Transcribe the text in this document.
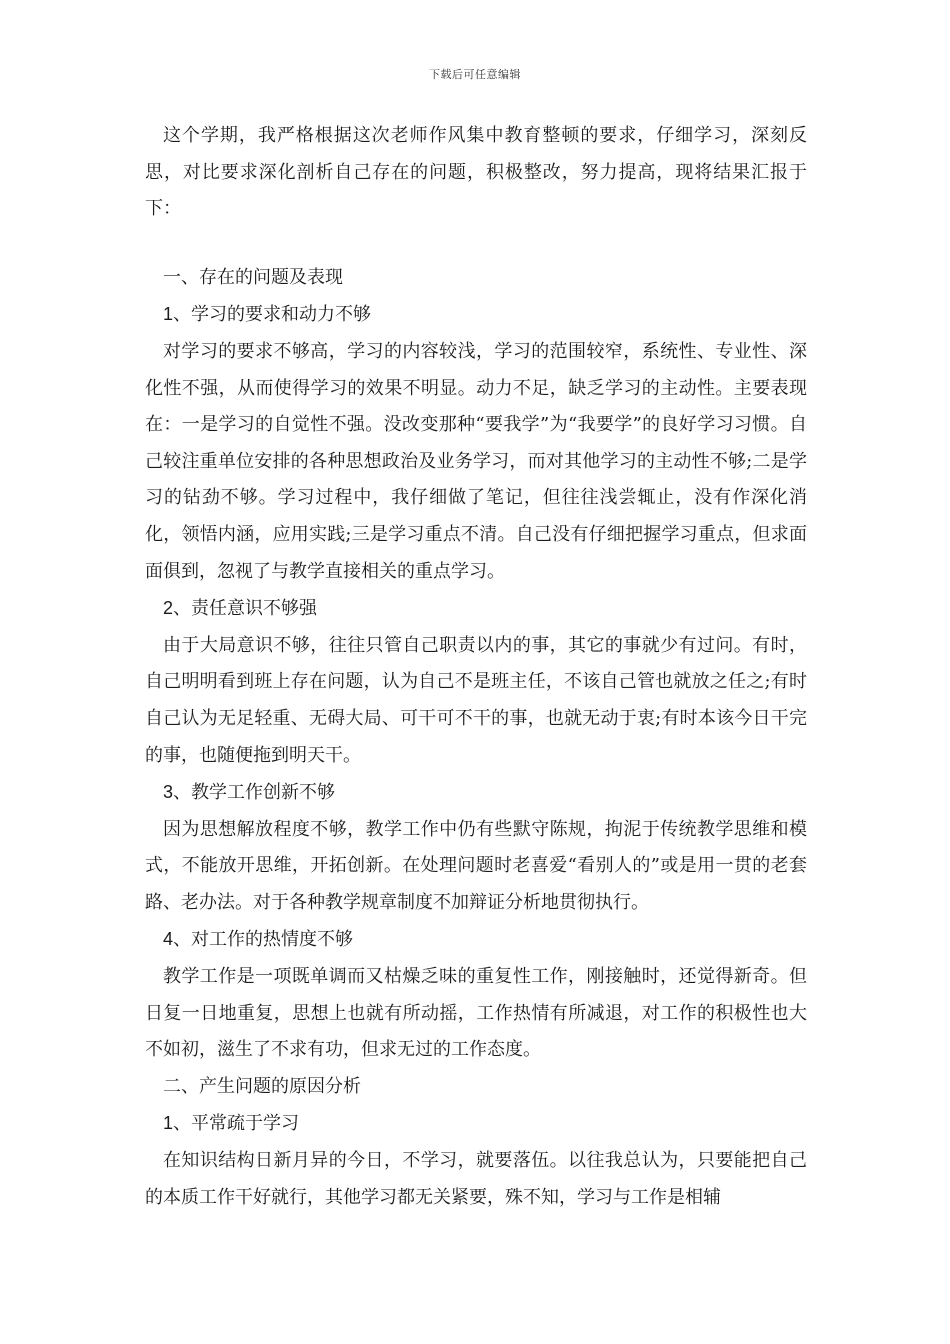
下载后可任意编辑

这个学期，我严格根据这次老师作风集中教育整顿的要求，仔细学习，深刻反思，对比要求深化剖析自己存在的问题，积极整改，努力提高，现将结果汇报于下：

一、存在的问题及表现

1、学习的要求和动力不够

对学习的要求不够高，学习的内容较浅，学习的范围较窄，系统性、专业性、深化性不强，从而使得学习的效果不明显。动力不足，缺乏学习的主动性。主要表现在：一是学习的自觉性不强。没改变那种“要我学”为“我要学”的良好学习习惯。自己较注重单位安排的各种思想政治及业务学习，而对其他学习的主动性不够;二是学习的钻劲不够。学习过程中，我仔细做了笔记，但往往浅尝辄止，没有作深化消化，领悟内涵，应用实践;三是学习重点不清。自己没有仔细把握学习重点，但求面面俱到，忽视了与教学直接相关的重点学习。

2、责任意识不够强

由于大局意识不够，往往只管自己职责以内的事，其它的事就少有过问。有时，自己明明看到班上存在问题，认为自己不是班主任，不该自己管也就放之任之;有时自己认为无足轻重、无碍大局、可干可不干的事，也就无动于衷;有时本该今日干完的事，也随便拖到明天干。

3、教学工作创新不够

因为思想解放程度不够，教学工作中仍有些默守陈规，拘泥于传统教学思维和模式，不能放开思维，开拓创新。在处理问题时老喜爱“看别人的”或是用一贯的老套路、老办法。对于各种教学规章制度不加辩证分析地贯彻执行。

4、对工作的热情度不够

教学工作是一项既单调而又枯燥乏味的重复性工作，刚接触时，还觉得新奇。但日复一日地重复，思想上也就有所动摇，工作热情有所减退，对工作的积极性也大不如初，滋生了不求有功，但求无过的工作态度。

二、产生问题的原因分析

1、平常疏于学习

在知识结构日新月异的今日，不学习，就要落伍。以往我总认为，只要能把自己的本质工作干好就行，其他学习都无关紧要，殊不知，学习与工作是相辅
